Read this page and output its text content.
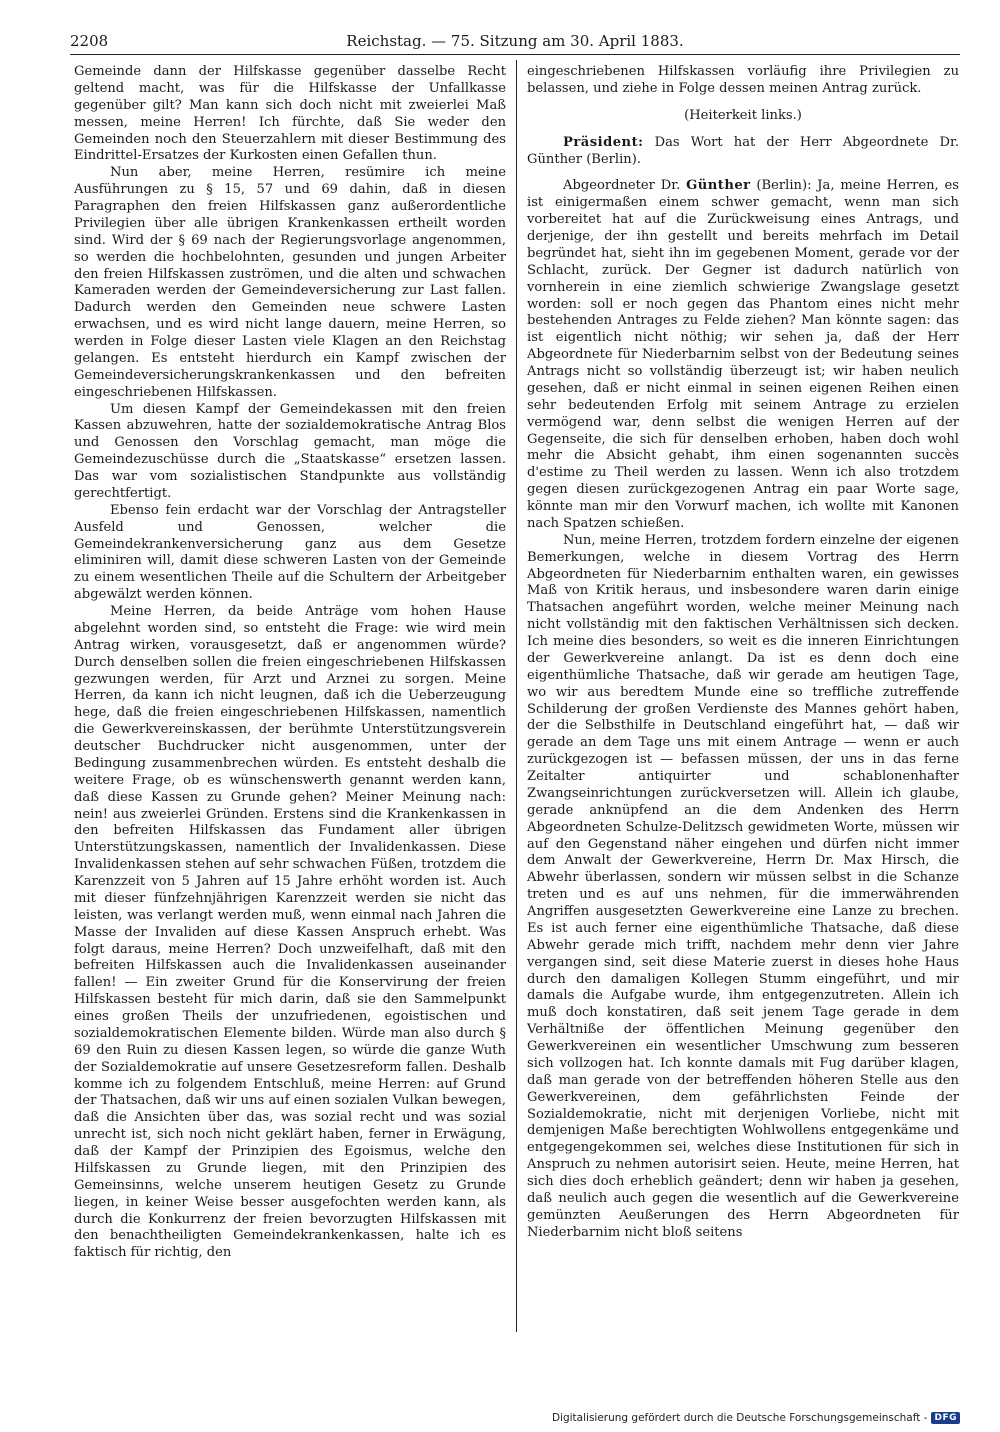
2208	Reichstag. — 75. Sitzung am 30. April 1883.

Gemeinde dann der Hilfskasse gegenüber dasselbe Recht geltend macht, was für die Hilfskasse der Unfallkasse gegenüber gilt? Man kann sich doch nicht mit zweierlei Maß messen, meine Herren! Ich fürchte, daß Sie weder den Gemeinden noch den Steuerzahlern mit dieser Bestimmung des Eindrittel-Ersatzes der Kurkosten einen Gefallen thun.

Nun aber, meine Herren, resümire ich meine Ausführungen zu § 15, 57 und 69 dahin, daß in diesen Paragraphen den freien Hilfskassen ganz außerordentliche Privilegien über alle übrigen Krankenkassen ertheilt worden sind. Wird der § 69 nach der Regierungsvorlage angenommen, so werden die hochbelohnten, gesunden und jungen Arbeiter den freien Hilfskassen zuströmen, und die alten und schwachen Kameraden werden der Gemeindeversicherung zur Last fallen. Dadurch werden den Gemeinden neue schwere Lasten erwachsen, und es wird nicht lange dauern, meine Herren, so werden in Folge dieser Lasten viele Klagen an den Reichstag gelangen. Es entsteht hierdurch ein Kampf zwischen der Gemeindeversicherungskrankenkassen und den befreiten eingeschriebenen Hilfskassen.

Um diesen Kampf der Gemeindekassen mit den freien Kassen abzuwehren, hatte der sozialdemokratische Antrag Blos und Genossen den Vorschlag gemacht, man möge die Gemeindezuschüsse durch die „Staatskasse“ ersetzen lassen. Das war vom sozialistischen Standpunkte aus vollständig gerechtfertigt.

Ebenso fein erdacht war der Vorschlag der Antragsteller Ausfeld und Genossen, welcher die Gemeindekrankenversicherung ganz aus dem Gesetze eliminiren will, damit diese schweren Lasten von der Gemeinde zu einem wesentlichen Theile auf die Schultern der Arbeitgeber abgewälzt werden können.

Meine Herren, da beide Anträge vom hohen Hause abgelehnt worden sind, so entsteht die Frage: wie wird mein Antrag wirken, vorausgesetzt, daß er angenommen würde? Durch denselben sollen die freien eingeschriebenen Hilfskassen gezwungen werden, für Arzt und Arznei zu sorgen. Meine Herren, da kann ich nicht leugnen, daß ich die Ueberzeugung hege, daß die freien eingeschriebenen Hilfskassen, namentlich die Gewerkvereinskassen, der berühmte Unterstützungsverein deutscher Buchdrucker nicht ausgenommen, unter der Bedingung zusammenbrechen würden. Es entsteht deshalb die weitere Frage, ob es wünschenswerth genannt werden kann, daß diese Kassen zu Grunde gehen? Meiner Meinung nach: nein! aus zweierlei Gründen. Erstens sind die Krankenkassen in den befreiten Hilfskassen das Fundament aller übrigen Unterstützungskassen, namentlich der Invalidenkassen. Diese Invalidenkassen stehen auf sehr schwachen Füßen, trotzdem die Karenzzeit von 5 Jahren auf 15 Jahre erhöht worden ist. Auch mit dieser fünfzehnjährigen Karenzzeit werden sie nicht das leisten, was verlangt werden muß, wenn einmal nach Jahren die Masse der Invaliden auf diese Kassen Anspruch erhebt. Was folgt daraus, meine Herren? Doch unzweifelhaft, daß mit den befreiten Hilfskassen auch die Invalidenkassen auseinander fallen! — Ein zweiter Grund für die Konservirung der freien Hilfskassen besteht für mich darin, daß sie den Sammelpunkt eines großen Theils der unzufriedenen, egoistischen und sozialdemokratischen Elemente bilden. Würde man also durch § 69 den Ruin zu diesen Kassen legen, so würde die ganze Wuth der Sozialdemokratie auf unsere Gesetzesreform fallen. Deshalb komme ich zu folgendem Entschluß, meine Herren: auf Grund der Thatsachen, daß wir uns auf einen sozialen Vulkan bewegen, daß die Ansichten über das, was sozial recht und was sozial unrecht ist, sich noch nicht geklärt haben, ferner in Erwägung, daß der Kampf der Prinzipien des Egoismus, welche den Hilfskassen zu Grunde liegen, mit den Prinzipien des Gemeinsinns, welche unserem heutigen Gesetz zu Grunde liegen, in keiner Weise besser ausgefochten werden kann, als durch die Konkurrenz der freien bevorzugten Hilfskassen mit den benachtheiligten Gemeindekrankenkassen, halte ich es faktisch für richtig, den

eingeschriebenen Hilfskassen vorläufig ihre Privilegien zu belassen, und ziehe in Folge dessen meinen Antrag zurück.

(Heiterkeit links.)

Präsident: Das Wort hat der Herr Abgeordnete Dr. Günther (Berlin).

Abgeordneter Dr. Günther (Berlin): Ja, meine Herren, es ist einigermaßen einem schwer gemacht, wenn man sich vorbereitet hat auf die Zurückweisung eines Antrags, und derjenige, der ihn gestellt und bereits mehrfach im Detail begründet hat, sieht ihn im gegebenen Moment, gerade vor der Schlacht, zurück. Der Gegner ist dadurch natürlich von vornherein in eine ziemlich schwierige Zwangslage gesetzt worden: soll er noch gegen das Phantom eines nicht mehr bestehenden Antrages zu Felde ziehen? Man könnte sagen: das ist eigentlich nicht nöthig; wir sehen ja, daß der Herr Abgeordnete für Niederbarnim selbst von der Bedeutung seines Antrags nicht so vollständig überzeugt ist; wir haben neulich gesehen, daß er nicht einmal in seinen eigenen Reihen einen sehr bedeutenden Erfolg mit seinem Antrage zu erzielen vermögend war, denn selbst die wenigen Herren auf der Gegenseite, die sich für denselben erhoben, haben doch wohl mehr die Absicht gehabt, ihm einen sogenannten succès d'estime zu Theil werden zu lassen. Wenn ich also trotzdem gegen diesen zurückgezogenen Antrag ein paar Worte sage, könnte man mir den Vorwurf machen, ich wollte mit Kanonen nach Spatzen schießen.

Nun, meine Herren, trotzdem fordern einzelne der eigenen Bemerkungen, welche in diesem Vortrag des Herrn Abgeordneten für Niederbarnim enthalten waren, ein gewisses Maß von Kritik heraus, und insbesondere waren darin einige Thatsachen angeführt worden, welche meiner Meinung nach nicht vollständig mit den faktischen Verhältnissen sich decken. Ich meine dies besonders, so weit es die inneren Einrichtungen der Gewerkvereine anlangt. Da ist es denn doch eine eigenthümliche Thatsache, daß wir gerade am heutigen Tage, wo wir aus beredtem Munde eine so treffliche zutreffende Schilderung der großen Verdienste des Mannes gehört haben, der die Selbsthilfe in Deutschland eingeführt hat, — daß wir gerade an dem Tage uns mit einem Antrage — wenn er auch zurückgezogen ist — befassen müssen, der uns in das ferne Zeitalter antiquirter und schablonenhafter Zwangseinrichtungen zurückversetzen will. Allein ich glaube, gerade anknüpfend an die dem Andenken des Herrn Abgeordneten Schulze-Delitzsch gewidmeten Worte, müssen wir auf den Gegenstand näher eingehen und dürfen nicht immer dem Anwalt der Gewerkvereine, Herrn Dr. Max Hirsch, die Abwehr überlassen, sondern wir müssen selbst in die Schanze treten und es auf uns nehmen, für die immerwährenden Angriffen ausgesetzten Gewerkvereine eine Lanze zu brechen. Es ist auch ferner eine eigenthümliche Thatsache, daß diese Abwehr gerade mich trifft, nachdem mehr denn vier Jahre vergangen sind, seit diese Materie zuerst in dieses hohe Haus durch den damaligen Kollegen Stumm eingeführt, und mir damals die Aufgabe wurde, ihm entgegenzutreten. Allein ich muß doch konstatiren, daß seit jenem Tage gerade in dem Verhältniße der öffentlichen Meinung gegenüber den Gewerkvereinen ein wesentlicher Umschwung zum besseren sich vollzogen hat. Ich konnte damals mit Fug darüber klagen, daß man gerade von der betreffenden höheren Stelle aus den Gewerkvereinen, dem gefährlichsten Feinde der Sozialdemokratie, nicht mit derjenigen Vorliebe, nicht mit demjenigen Maße berechtigten Wohlwollens entgegenkäme und entgegengekommen sei, welches diese Institutionen für sich in Anspruch zu nehmen autorisirt seien. Heute, meine Herren, hat sich dies doch erheblich geändert; denn wir haben ja gesehen, daß neulich auch gegen die wesentlich auf die Gewerkvereine gemünzten Aeußerungen des Herrn Abgeordneten für Niederbarnim nicht bloß seitens

Digitalisierung gefördert durch die Deutsche Forschungsgemeinschaft - DFG
